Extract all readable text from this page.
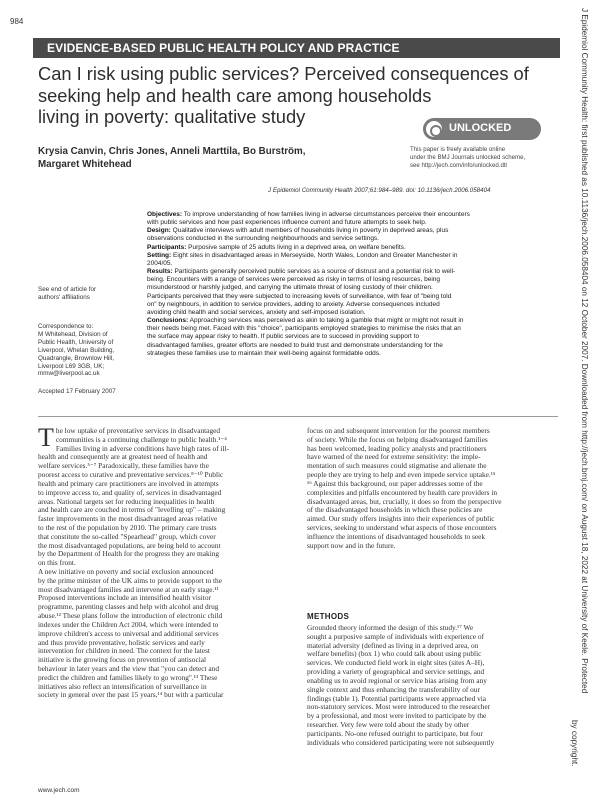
984
EVIDENCE-BASED PUBLIC HEALTH POLICY AND PRACTICE
Can I risk using public services? Perceived consequences of
seeking help and health care among households
living in poverty: qualitative study
UNLOCKED
Krysia Canvin, Chris Jones, Anneli Marttila, Bo Burström,
Margaret Whitehead
This paper is freely available online
under the BMJ Journals unlocked scheme,
see http://jech.com/info/unlocked.dtl
J Epidemiol Community Health 2007;61:984–989. doi: 10.1136/jech.2006.058404
See end of article for
authors' affiliations
Correspondence to:
M Whitehead, Division of
Public Health, University of
Liverpool, Whelan Building,
Quadrangle, Brownlow Hill,
Liverpool L69 3GB, UK;
mmw@liverpool.ac.uk
Accepted 17 February 2007
Objectives: To improve understanding of how families living in adverse circumstances perceive their encounters
with public services and how past experiences influence current and future attempts to seek help.
Design: Qualitative interviews with adult members of households living in poverty in deprived areas, plus
observations conducted in the surrounding neighbourhoods and service settings.
Participants: Purposive sample of 25 adults living in a deprived area, on welfare benefits.
Setting: Eight sites in disadvantaged areas in Merseyside, North Wales, London and Greater Manchester in
2004/05.
Results: Participants generally perceived public services as a source of distrust and a potential risk to well-
being. Encounters with a range of services were perceived as risky in terms of losing resources, being
misunderstood or harshly judged, and carrying the ultimate threat of losing custody of their children.
Participants perceived that they were subjected to increasing levels of surveillance, with fear of "being told
on" by neighbours, in addition to service providers, adding to anxiety. Adverse consequences included
avoiding child health and social services, anxiety and self-imposed isolation.
Conclusions: Approaching services was perceived as akin to taking a gamble that might or might not result in
their needs being met. Faced with this "choice", participants employed strategies to minimise the risks that an
the surface may appear risky to health. If public services are to succeed in providing support to
disadvantaged families, greater efforts are needed to build trust and demonstrate understanding for the
strategies these families use to maintain their well-being against formidable odds.
T he low uptake of preventative services in disadvantaged
communities is a continuing challenge to public health.¹⁻⁴
Families living in adverse conditions have high rates of ill-
health and consequently are at greatest need of health and
welfare services.⁵⁻⁷ Paradoxically, these families have the
poorest access to curative and preventative services.⁸⁻¹⁰ Public
health and primary care practitioners are involved in attempts
to improve access to, and quality of, services in disadvantaged
areas. National targets set for reducing inequalities in health
and health care are couched in terms of "levelling up" – making
faster improvements in the most disadvantaged areas relative
to the rest of the population by 2010. The primary care trusts
that constitute the so-called "Spearhead" group, which cover
the most disadvantaged populations, are being held to account
by the Department of Health for the progress they are making
on this front.
A new initiative on poverty and social exclusion announced
by the prime minister of the UK aims to provide support to the
most disadvantaged families and intervene at an early stage.¹¹
Proposed interventions include an intensified health visitor
programme, parenting classes and help with alcohol and drug
abuse.¹² These plans follow the introduction of electronic child
indexes under the Children Act 2004, which were intended to
improve children's access to universal and additional services
and thus provide preventative, holistic services and early
intervention for children in need. The context for the latest
initiative is the growing focus on prevention of antisocial
behaviour in later years and the view that "you can detect and
predict the children and families likely to go wrong".¹³ These
initiatives also reflect an intensification of surveillance in
society in general over the past 15 years,¹⁴ but with a particular
focus on and subsequent intervention for the poorest members
of society. While the focus on helping disadvantaged families
has been welcomed, leading policy analysts and practitioners
have warned of the need for extreme sensitivity: the imple-
mentation of such measures could stigmatise and alienate the
people they are trying to help and even impede service uptake.¹⁵
¹⁶ Against this background, our paper addresses some of the
complexities and pitfalls encountered by health care providers in
disadvantaged areas, but, crucially, it does so from the perspective
of the disadvantaged households in which these policies are
aimed. Our study offers insights into their experiences of public
services, seeking to understand what aspects of those encounters
influence the intentions of disadvantaged households to seek
support now and in the future.
METHODS
Grounded theory informed the design of this study.¹⁷ We
sought a purposive sample of individuals with experience of
material adversity (defined as living in a deprived area, on
welfare benefits) (box 1) who could talk about using public
services. We conducted field work in eight sites (sites A–H),
providing a variety of geographical and service settings, and
enabling us to avoid regional or service bias arising from any
single context and thus enhancing the transferability of our
findings (table 1). Potential participants were approached via
non-statutory services. Most were introduced to the researcher
by a professional, and most were invited to participate by the
researcher. Very few were told about the study by other
participants. No-one refused outright to participate, but four
individuals who considered participating were not subsequently
www.jech.com
J Epidemiol Community Health: first published as 10.1136/jech.2006.058404 on 12 October 2007. Downloaded from http://jech.bmj.com/ on August 18, 2022 at University of Keele. Protected
by copyright.
